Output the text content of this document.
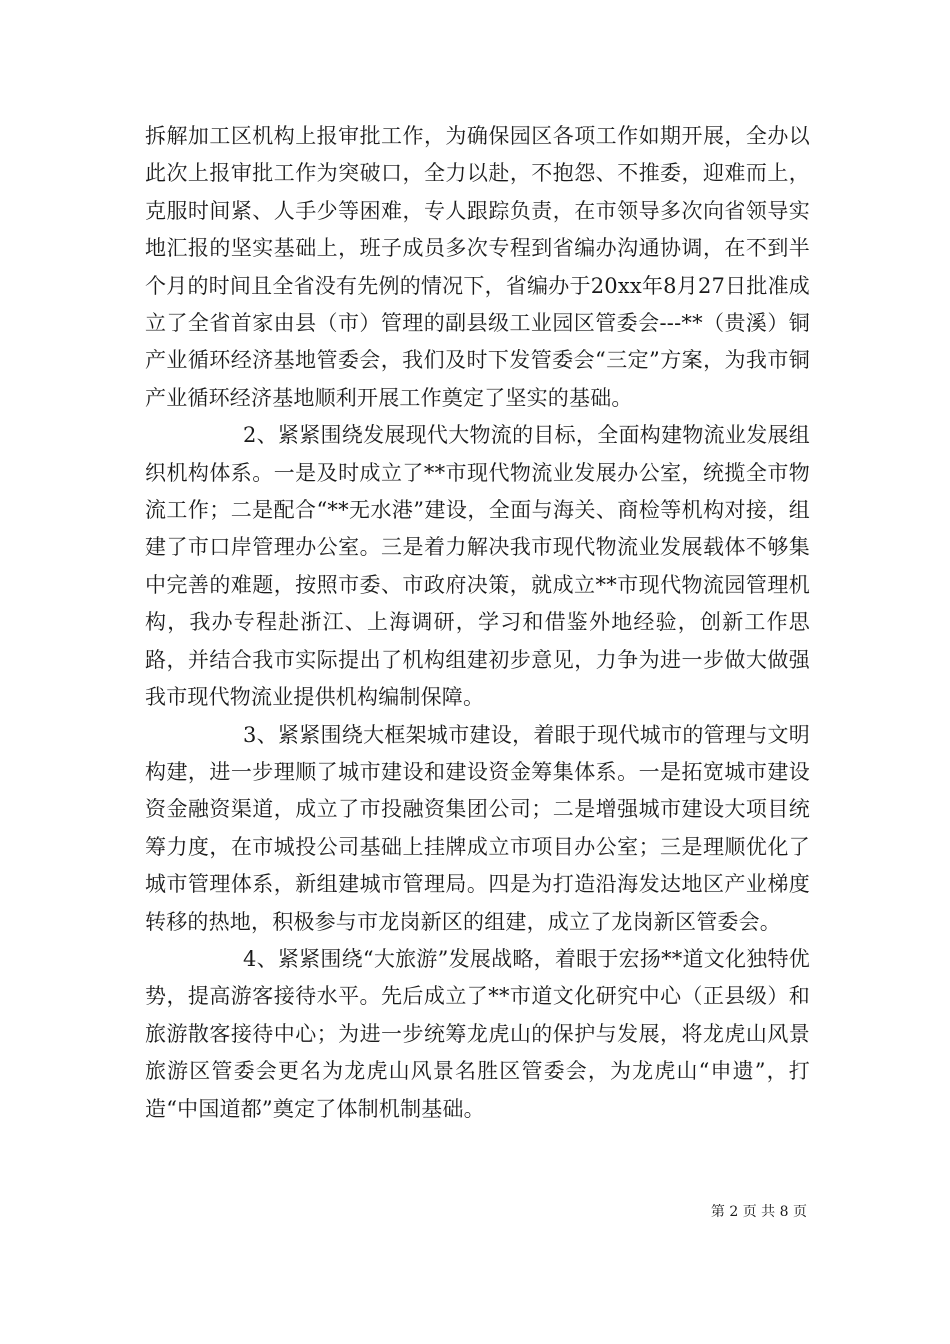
拆解加工区机构上报审批工作，为确保园区各项工作如期开展，全办以此次上报审批工作为突破口，全力以赴，不抱怨、不推委，迎难而上，克服时间紧、人手少等困难，专人跟踪负责，在市领导多次向省领导实地汇报的坚实基础上，班子成员多次专程到省编办沟通协调，在不到半个月的时间且全省没有先例的情况下，省编办于20xx年8月27日批准成立了全省首家由县（市）管理的副县级工业园区管委会---**（贵溪）铜产业循环经济基地管委会，我们及时下发管委会“三定”方案，为我市铜产业循环经济基地顺利开展工作奠定了坚实的基础。

2、紧紧围绕发展现代大物流的目标，全面构建物流业发展组织机构体系。一是及时成立了**市现代物流业发展办公室，统揽全市物流工作；二是配合“**无水港”建设，全面与海关、商检等机构对接，组建了市口岸管理办公室。三是着力解决我市现代物流业发展载体不够集中完善的难题，按照市委、市政府决策，就成立**市现代物流园管理机构，我办专程赴浙江、上海调研，学习和借鉴外地经验，创新工作思路，并结合我市实际提出了机构组建初步意见，力争为进一步做大做强我市现代物流业提供机构编制保障。

3、紧紧围绕大框架城市建设，着眼于现代城市的管理与文明构建，进一步理顺了城市建设和建设资金筹集体系。一是拓宽城市建设资金融资渠道，成立了市投融资集团公司；二是增强城市建设大项目统筹力度，在市城投公司基础上挂牌成立市项目办公室；三是理顺优化了城市管理体系，新组建城市管理局。四是为打造沿海发达地区产业梯度转移的热地，积极参与市龙岗新区的组建，成立了龙岗新区管委会。

4、紧紧围绕“大旅游”发展战略，着眼于宏扬**道文化独特优势，提高游客接待水平。先后成立了**市道文化研究中心（正县级）和旅游散客接待中心；为进一步统筹龙虎山的保护与发展，将龙虎山风景旅游区管委会更名为龙虎山风景名胜区管委会，为龙虎山“申遗”，打造“中国道都”奠定了体制机制基础。

第 2 页 共 8 页
